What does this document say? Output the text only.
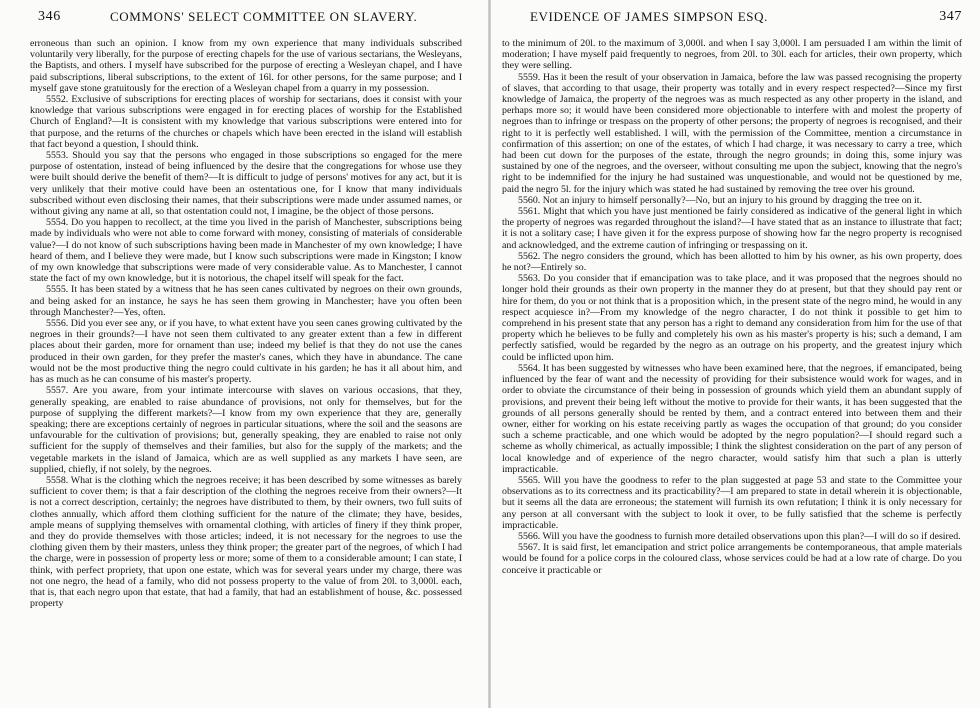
346	COMMONS' SELECT COMMITTEE ON SLAVERY.

erroneous than such an opinion. I know from my own experience that many individuals subscribed voluntarily very liberally, for the purpose of erecting chapels for the use of various sectarians, the Wesleyans, the Baptists, and others. I myself have subscribed for the purpose of erecting a Wesleyan chapel, and I have paid subscriptions, liberal subscriptions, to the extent of 16l. for other persons, for the same purpose; and I myself gave stone gratuitously for the erection of a Wesleyan chapel from a quarry in my possession.

5552. Exclusive of subscriptions for erecting places of worship for sectarians, does it consist with your knowledge that various subscriptions were engaged in for erecting places of worship for the Established Church of England?—It is consistent with my knowledge that various subscriptions were entered into for that purpose, and the returns of the churches or chapels which have been erected in the island will establish that fact beyond a question, I should think.

5553. Should you say that the persons who engaged in those subscriptions so engaged for the mere purpose of ostentation, instead of being influenced by the desire that the congregations for whose use they were built should derive the benefit of them?—It is difficult to judge of persons' motives for any act, but it is very unlikely that their motive could have been an ostentatious one, for I know that many individuals subscribed without even disclosing their names, that their subscriptions were made under assumed names, or without giving any name at all, so that ostentation could not, I imagine, be the object of those persons.

5554. Do you happen to recollect, at the time you lived in the parish of Manchester, subscriptions being made by individuals who were not able to come forward with money, consisting of materials of considerable value?—I do not know of such subscriptions having been made in Manchester of my own knowledge; I have heard of them, and I believe they were made, but I know such subscriptions were made in Kingston; I know of my own knowledge that subscriptions were made of very considerable value. As to Manchester, I cannot state the fact of my own knowledge, but it is notorious, the chapel itself will speak for the fact.

5555. It has been stated by a witness that he has seen canes cultivated by negroes on their own grounds, and being asked for an instance, he says he has seen them growing in Manchester; have you often been through Manchester?—Yes, often.

5556. Did you ever see any, or if you have, to what extent have you seen canes growing cultivated by the negroes in their grounds?—I have not seen them cultivated to any greater extent than a few in different places about their garden, more for ornament than use; indeed my belief is that they do not use the canes produced in their own garden, for they prefer the master's canes, which they have in abundance. The cane would not be the most productive thing the negro could cultivate in his garden; he has it all about him, and has as much as he can consume of his master's property.

5557. Are you aware, from your intimate intercourse with slaves on various occasions, that they, generally speaking, are enabled to raise abundance of provisions, not only for themselves, but for the purpose of supplying the different markets?—I know from my own experience that they are, generally speaking; there are exceptions certainly of negroes in particular situations, where the soil and the seasons are unfavourable for the cultivation of provisions; but, generally speaking, they are enabled to raise not only sufficient for the supply of themselves and their families, but also for the supply of the markets; and the vegetable markets in the island of Jamaica, which are as well supplied as any markets I have seen, are supplied, chiefly, if not solely, by the negroes.

5558. What is the clothing which the negroes receive; it has been described by some witnesses as barely sufficient to cover them; is that a fair description of the clothing the negroes receive from their owners?—It is not a correct description, certainly; the negroes have distributed to them, by their owners, two full suits of clothes annually, which afford them clothing sufficient for the nature of the climate; they have, besides, ample means of supplying themselves with ornamental clothing, with articles of finery if they think proper, and they do provide themselves with those articles; indeed, it is not necessary for the negroes to use the clothing given them by their masters, unless they think proper; the greater part of the negroes, of which I had the charge, were in possession of property less or more; some of them to a considerable amount; I can state, I think, with perfect propriety, that upon one estate, which was for several years under my charge, there was not one negro, the head of a family, who did not possess property to the value of from 20l. to 3,000l. each, that is, that each negro upon that estate, that had a family, that had an establishment of house, &c. possessed property

EVIDENCE OF JAMES SIMPSON ESQ.	347

to the minimum of 20l. to the maximum of 3,000l. and when I say 3,000l. I am persuaded I am within the limit of moderation; I have myself paid frequently to negroes, from 20l. to 30l. each for articles, their own property, which they were selling.

5559. Has it been the result of your observation in Jamaica, before the law was passed recognising the property of slaves, that according to that usage, their property was totally and in every respect respected?—Since my first knowledge of Jamaica, the property of the negroes was as much respected as any other property in the island, and perhaps more so; it would have been considered more objectionable to interfere with and molest the property of negroes than to infringe or trespass on the property of other persons; the property of negroes is recognised, and their right to it is perfectly well established. I will, with the permission of the Committee, mention a circumstance in confirmation of this assertion; on one of the estates, of which I had charge, it was necessary to carry a tree, which had been cut down for the purposes of the estate, through the negro grounds; in doing this, some injury was sustained by one of the negroes, and the overseer, without consulting me upon the subject, knowing that the negro's right to be indemnified for the injury he had sustained was unquestionable, and would not be questioned by me, paid the negro 5l. for the injury which was stated he had sustained by removing the tree over his ground.

5560. Not an injury to himself personally?—No, but an injury to his ground by dragging the tree on it.

5561. Might that which you have just mentioned be fairly considered as indicative of the general light in which the property of negroes was regarded throughout the island?—I have stated that as an instance to illustrate that fact; it is not a solitary case; I have given it for the express purpose of showing how far the negro property is recognised and acknowledged, and the extreme caution of infringing or trespassing on it.

5562. The negro considers the ground, which has been allotted to him by his owner, as his own property, does he not?—Entirely so.

5563. Do you consider that if emancipation was to take place, and it was proposed that the negroes should no longer hold their grounds as their own property in the manner they do at present, but that they should pay rent or hire for them, do you or not think that is a proposition which, in the present state of the negro mind, he would in any respect acquiesce in?—From my knowledge of the negro character, I do not think it possible to get him to comprehend in his present state that any person has a right to demand any consideration from him for the use of that property which he believes to be fully and completely his own as his master's property is his; such a demand, I am perfectly satisfied, would be regarded by the negro as an outrage on his property, and the greatest injury which could be inflicted upon him.

5564. It has been suggested by witnesses who have been examined here, that the negroes, if emancipated, being influenced by the fear of want and the necessity of providing for their subsistence would work for wages, and in order to obviate the circumstance of their being in possession of grounds which yield them an abundant supply of provisions, and prevent their being left without the motive to provide for their wants, it has been suggested that the grounds of all persons generally should be rented by them, and a contract entered into between them and their owner, either for working on his estate receiving partly as wages the occupation of that ground; do you consider such a scheme practicable, and one which would be adopted by the negro population?—I should regard such a scheme as wholly chimerical, as actually impossible; I think the slightest consideration on the part of any person of local knowledge and of experience of the negro character, would satisfy him that such a plan is utterly impracticable.

5565. Will you have the goodness to refer to the plan suggested at page 53 and state to the Committee your observations as to its correctness and its practicability?—I am prepared to state in detail wherein it is objectionable, but it seems all the data are erroneous; the statement will furnish its own refutation; I think it is only necessary for any person at all conversant with the subject to look it over, to be fully satisfied that the scheme is perfectly impracticable.

5566. Will you have the goodness to furnish more detailed observations upon this plan?—I will do so if desired.

5567. It is said first, let emancipation and strict police arrangements be contemporaneous, that ample materials would be found for a police corps in the coloured class, whose services could be had at a low rate of charge. Do you conceive it practicable or
